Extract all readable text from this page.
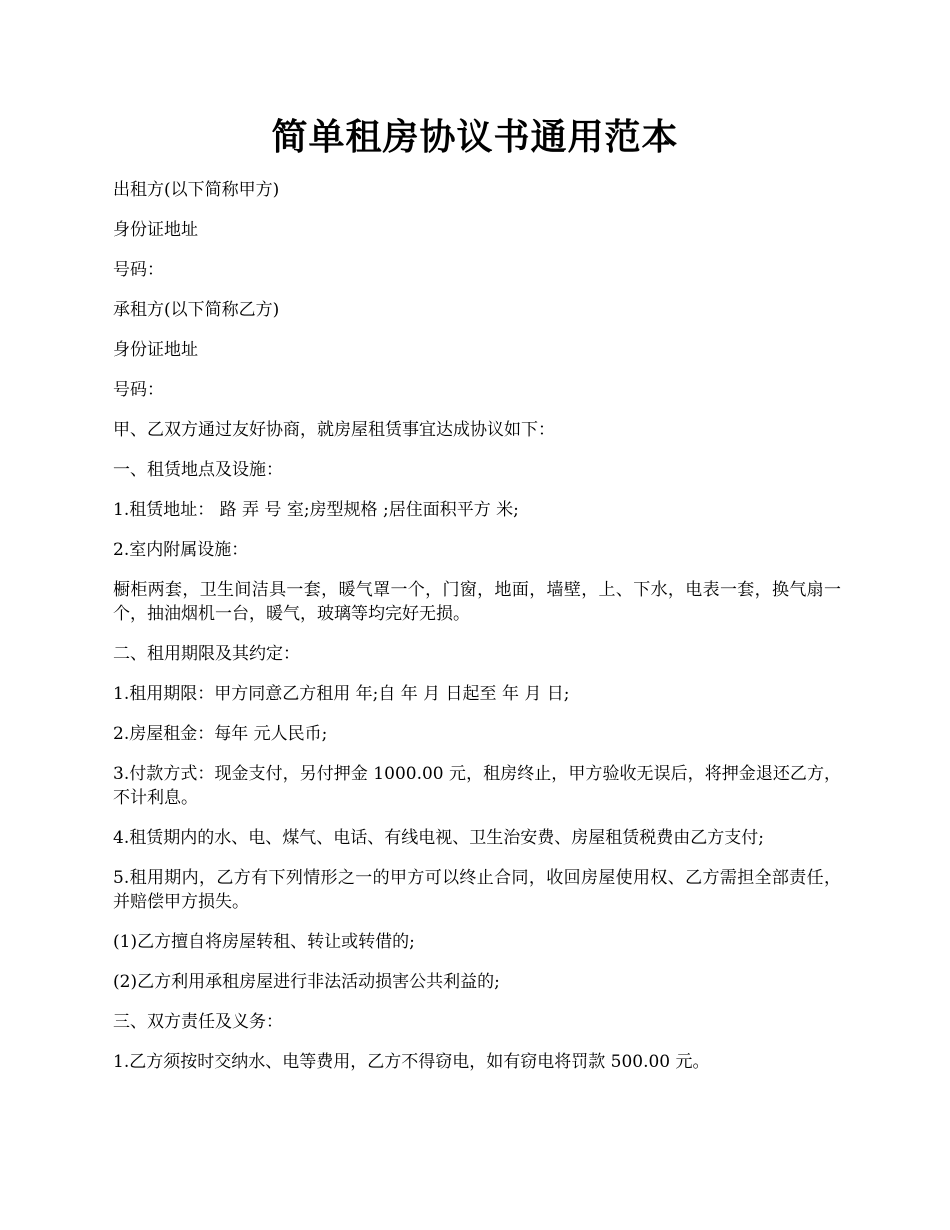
简单租房协议书通用范本

出租方(以下简称甲方)

身份证地址

号码：

承租方(以下简称乙方)

身份证地址

号码：

甲、乙双方通过友好协商，就房屋租赁事宜达成协议如下：

一、租赁地点及设施：

1.租赁地址： 路 弄 号 室;房型规格 ;居住面积平方 米;

2.室内附属设施：

橱柜两套，卫生间洁具一套，暖气罩一个，门窗，地面，墙壁，上、下水，电表一套，换气扇一个，抽油烟机一台，暖气，玻璃等均完好无损。

二、租用期限及其约定：

1.租用期限：甲方同意乙方租用 年;自 年 月 日起至 年 月 日;

2.房屋租金：每年 元人民币;

3.付款方式：现金支付，另付押金 1000.00 元，租房终止，甲方验收无误后，将押金退还乙方，不计利息。

4.租赁期内的水、电、煤气、电话、有线电视、卫生治安费、房屋租赁税费由乙方支付;

5.租用期内，乙方有下列情形之一的甲方可以终止合同，收回房屋使用权、乙方需担全部责任，并赔偿甲方损失。

(1)乙方擅自将房屋转租、转让或转借的;

(2)乙方利用承租房屋进行非法活动损害公共利益的;

三、双方责任及义务：

1.乙方须按时交纳水、电等费用，乙方不得窃电，如有窃电将罚款 500.00 元。
